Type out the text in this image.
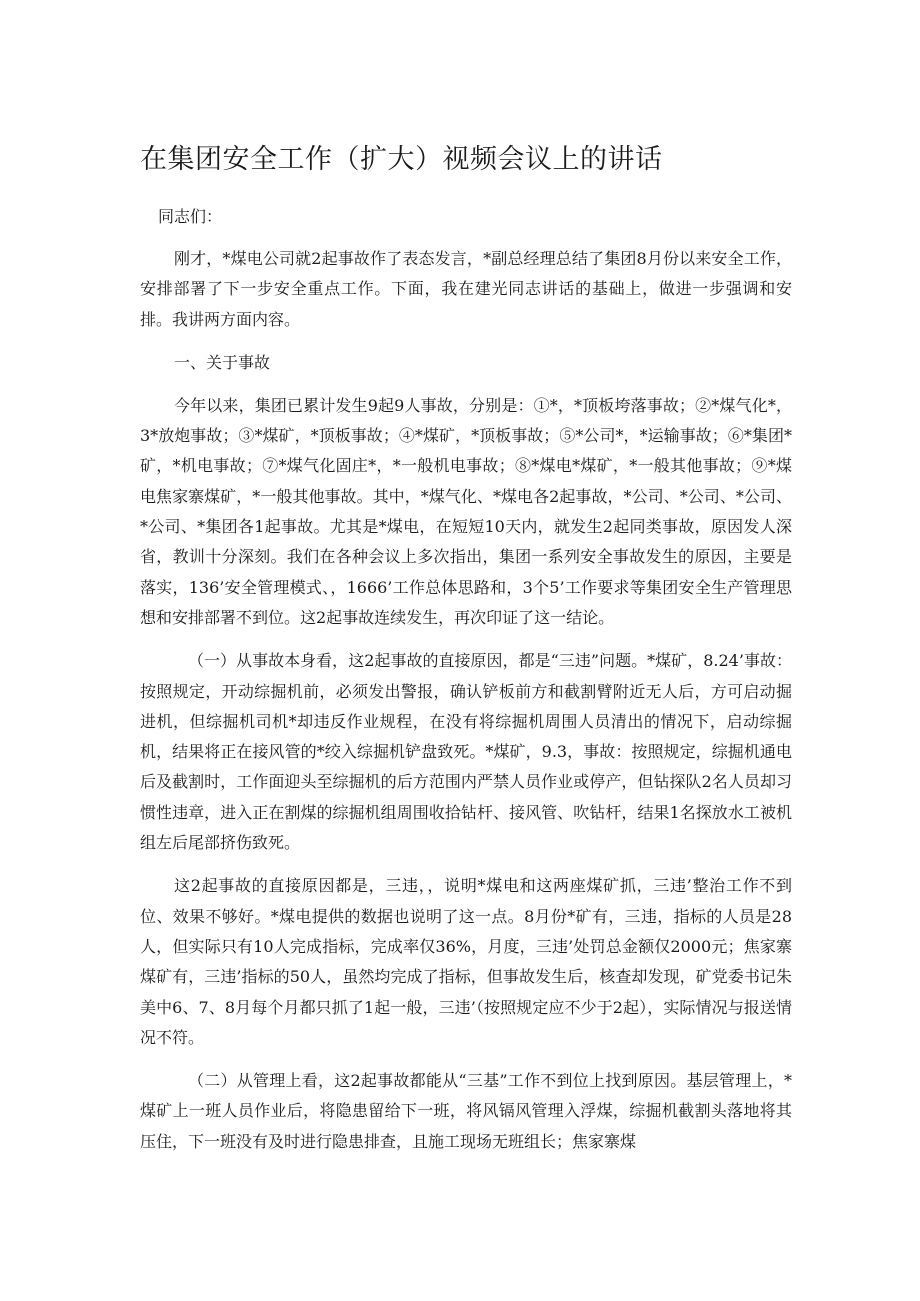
在集团安全工作（扩大）视频会议上的讲话

同志们：

刚才，*煤电公司就2起事故作了表态发言，*副总经理总结了集团8月份以来安全工作，安排部署了下一步安全重点工作。下面，我在建光同志讲话的基础上，做进一步强调和安排。我讲两方面内容。

一、关于事故

今年以来，集团已累计发生9起9人事故，分别是：①*，*顶板垮落事故；②*煤气化*，3*放炮事故；③*煤矿，*顶板事故；④*煤矿，*顶板事故；⑤*公司*，*运输事故；⑥*集团*矿，*机电事故；⑦*煤气化固庄*，*一般机电事故；⑧*煤电*煤矿，*一般其他事故；⑨*煤电焦家寨煤矿，*一般其他事故。其中，*煤气化、*煤电各2起事故，*公司、*公司、*公司、*公司、*集团各1起事故。尤其是*煤电，在短短10天内，就发生2起同类事故，原因发人深省，教训十分深刻。我们在各种会议上多次指出，集团一系列安全事故发生的原因，主要是落实，136’安全管理模式、，1666’工作总体思路和，3个5’工作要求等集团安全生产管理思想和安排部署不到位。这2起事故连续发生，再次印证了这一结论。

（一）从事故本身看，这2起事故的直接原因，都是“三违”问题。*煤矿，8.24’事故：按照规定，开动综掘机前，必须发出警报，确认铲板前方和截割臂附近无人后，方可启动掘进机，但综掘机司机*却违反作业规程，在没有将综掘机周围人员清出的情况下，启动综掘机，结果将正在接风管的*绞入综掘机铲盘致死。*煤矿，9.3，事故：按照规定，综掘机通电后及截割时，工作面迎头至综掘机的后方范围内严禁人员作业或停产，但钻探队2名人员却习惯性违章，进入正在割煤的综掘机组周围收拾钻杆、接风管、吹钻杆，结果1名探放水工被机组左后尾部挤伤致死。

这2起事故的直接原因都是，三违，，说明*煤电和这两座煤矿抓，三违’整治工作不到位、效果不够好。*煤电提供的数据也说明了这一点。8月份*矿有，三违，指标的人员是28人，但实际只有10人完成指标，完成率仅36%，月度，三违’处罚总金额仅2000元；焦家寨煤矿有，三违’指标的50人，虽然均完成了指标，但事故发生后，核查却发现，矿党委书记朱美中6、7、8月每个月都只抓了1起一般，三违’（按照规定应不少于2起），实际情况与报送情况不符。

（二）从管理上看，这2起事故都能从“三基”工作不到位上找到原因。基层管理上，*煤矿上一班人员作业后，将隐患留给下一班，将风镉风管理入浮煤，综掘机截割头落地将其压住，下一班没有及时进行隐患排查，且施工现场无班组长；焦家寨煤
